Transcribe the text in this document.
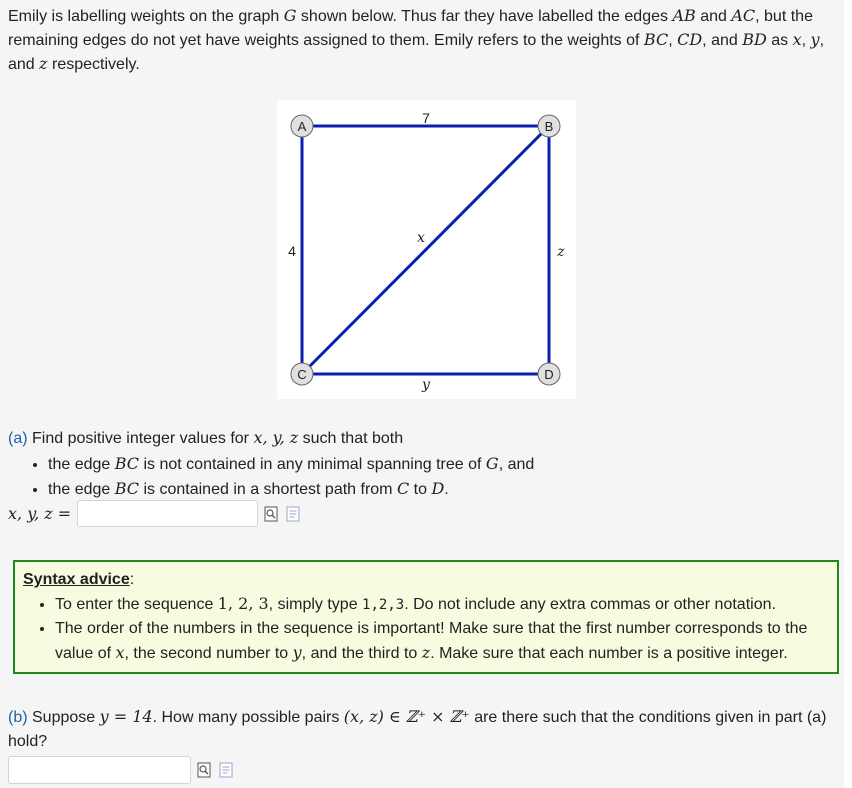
Emily is labelling weights on the graph G shown below. Thus far they have labelled the edges AB and AC, but the remaining edges do not yet have weights assigned to them. Emily refers to the weights of BC, CD, and BD as x, y, and z respectively.
7
4
x
z
y
A	B
C	D
(a) Find positive integer values for x, y, z such that both
• the edge BC is not contained in any minimal spanning tree of G, and
• the edge BC is contained in a shortest path from C to D.
x, y, z =
Syntax advice:
• To enter the sequence 1, 2, 3, simply type 1,2,3. Do not include any extra commas or other notation.
• The order of the numbers in the sequence is important! Make sure that the first number corresponds to the value of x, the second number to y, and the third to z. Make sure that each number is a positive integer.
(b) Suppose y = 14. How many possible pairs (x, z) ∈ ℤ⁺ × ℤ⁺ are there such that the conditions given in part (a) hold?
